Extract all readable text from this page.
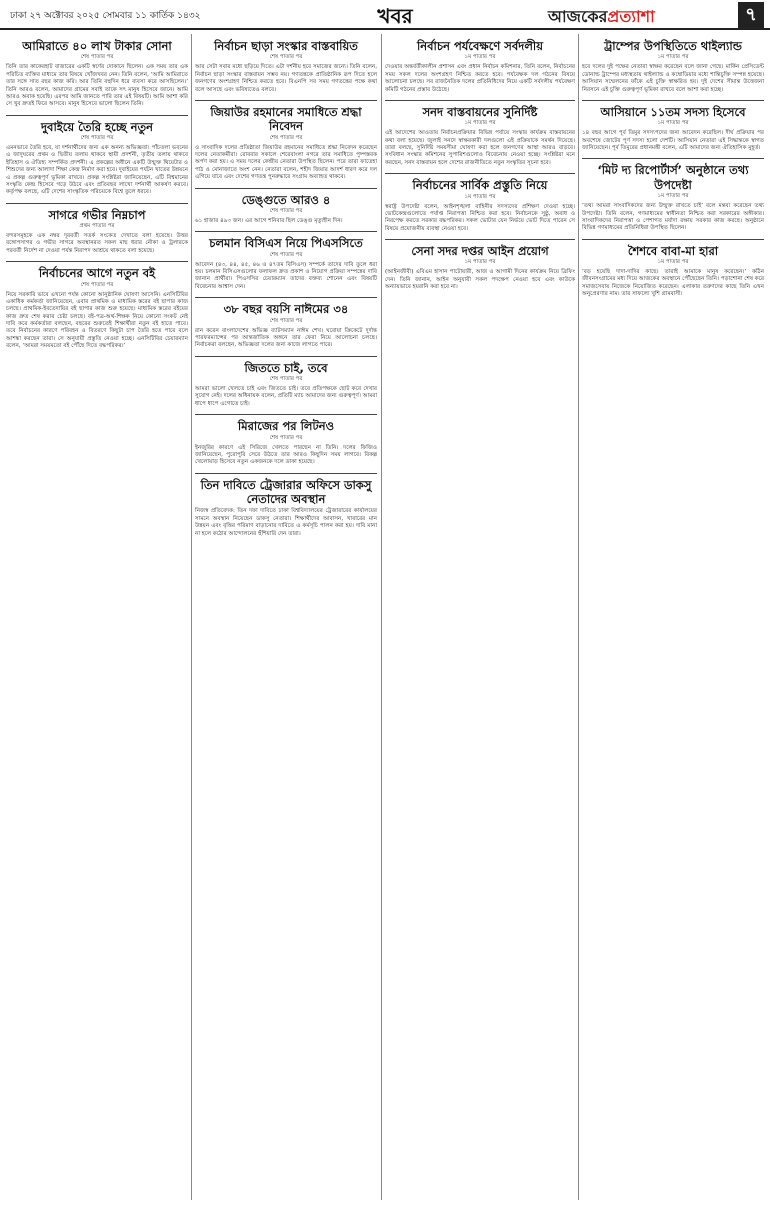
ঢাকা ২৭ অক্টোবর ২০২৫ সোমবার ১১ কার্তিক ১৪৩২	খবর	আজকেরপ্রত্যাশা	৭
আমিরাতে ৪০ লাখ টাকার সোনা
শেষ পাতার পর
তিনি তার কাকেরহাট বাজারের একটি স্বর্ণের দোকানে ছিলেন। এক সময় তার এক পরিচিত ব্যক্তির মাধ্যমে তার বিষয়ে খোঁজখবর নেন। তিনি বলেন, ‘আমি আমিরাতে তার সঙ্গে সাত বছর কাজ করি। আর তিনি বহুদিন ধরে ব্যবসা করে আসছিলেন।’ তিনি আরও বলেন, আমাদের গ্রামের সবাই তাকে সৎ মানুষ হিসেবে জানে। আমি আরও অবাক হয়েছি। এরপর আমি জানতে পারি তার এই বিষয়টি। আমি আশা করি সে খুব দ্রুতই ফিরে আসবে। মানুষ হিসেবে ভালো ছিলেন তিনি।
দুবাইয়ে তৈরি হচ্ছে নতুন
শেষ পাতার পর
এমনভাবে তৈরি হবে, যা দর্শনার্থীদের জন্য এক অনন্য অভিজ্ঞতা। পাঁচতলা ভবনের এ জাদুঘরের প্রথম ও দ্বিতীয় তলায় থাকবে স্থায়ী প্রদর্শনী, তৃতীয় তলায় থাকবে ইতিহাস ও ঐতিহ্য সম্পর্কিত প্রদর্শনী। এ প্রকল্পের অধীনে একটি উন্মুক্ত থিয়েটার ও শিশুদের জন্য আলাদা শিক্ষা কেন্দ্র নির্মাণ করা হবে। দুবাইয়ের পর্যটন খাতের উন্নয়নে এ প্রকল্প গুরুত্বপূর্ণ ভূমিকা রাখবে। প্রকল্প সংশ্লিষ্টরা জানিয়েছেন, এটি বিশ্বমানের সংস্কৃতি কেন্দ্র হিসেবে গড়ে উঠবে এবং প্রতিবছর লাখো দর্শনার্থী আকর্ষণ করবে। কর্তৃপক্ষ বলছে, এটি দেশের সাংস্কৃতিক পরিচয়কে বিশ্বে তুলে ধরবে।
সাগরে গভীর নিম্নচাপ
প্রথম পাতার পর
বন্দরসমূহকে এক নম্বর দূরবর্তী সতর্ক সংকেত দেখাতে বলা হয়েছে। উত্তর বঙ্গোপসাগর ও গভীর সাগরে অবস্থানরত সকল মাছ ধরার নৌকা ও ট্রলারকে পরবর্তী নির্দেশ না দেওয়া পর্যন্ত নিরাপদ আশ্রয়ে থাকতে বলা হয়েছে।
নির্বাচনের আগে নতুন বই
শেষ পাতার পর
নিয়ে সরকারি ভাবে এখনো পর্যন্ত কোনো আনুষ্ঠানিক ঘোষণা আসেনি। এনসিটিবির একাধিক কর্মকর্তা জানিয়েছেন, এবার প্রাথমিক ও মাধ্যমিক স্তরের বই ছাপার কাজ চলছে। প্রাথমিক-ইবতেদায়ির বই ছাপার কাজ শুরু হয়েছে। মাধ্যমিক স্তরের বইয়ের কাজ দ্রুত শেষ করার চেষ্টা চলছে। বই-পত্র-অর্থ-শিক্ষক নিয়ে কোনো সংকট নেই দাবি করে কর্মকর্তারা বলছেন, বছরের শুরুতেই শিক্ষার্থীরা নতুন বই হাতে পাবে। তবে নির্বাচনের কারণে পরিবহন ও বিতরণে কিছুটা চাপ তৈরি হতে পারে বলে আশঙ্কা করছেন তারা। সে অনুযায়ী প্রস্তুতি নেওয়া হচ্ছে। এনসিটিবির চেয়ারম্যান বলেন, ‘আমরা সময়মতো বই পৌঁছে দিতে বদ্ধপরিকর।’
নির্বাচন ছাড়া সংস্কার বাস্তবায়িত
শেষ পাতার পর
আর সেটা সবার মধ্যে ছড়িয়ে দিতে। এটা দর্শনীয় হবে সমাজের জন্যে। তিনি বলেন, নির্বাচন ছাড়া সংস্কার বাস্তবায়ন সম্ভব নয়। গণতন্ত্রকে প্রাতিষ্ঠানিক রূপ দিতে হলে জনগণের অংশগ্রহণ নিশ্চিত করতে হবে। বিএনপি সব সময় গণতন্ত্রের পক্ষে কথা বলে আসছে এবং ভবিষ্যতেও বলবে।
জিয়াউর রহমানের সমাধিতে শ্রদ্ধা নিবেদন
শেষ পাতার পর
ও সাংবাদিক দলের প্রতিষ্ঠাতা জিয়াউর রহমানের সমাধিতে শ্রদ্ধা নিবেদন করেছেন দলের নেতাকর্মীরা। রোববার সকালে শেরেবাংলা নগরে তার সমাধিতে পুষ্পস্তবক অর্পণ করা হয়। এ সময় দলের কেন্দ্রীয় নেতারা উপস্থিত ছিলেন। পরে তারা ফাতেহা পাঠ ও মোনাজাতে অংশ নেন। নেতারা বলেন, শহীদ জিয়ার আদর্শ ধারণ করে দল এগিয়ে যাবে এবং দেশের গণতন্ত্র পুনরুদ্ধারে সংগ্রাম অব্যাহত থাকবে।
ডেঙ্গুতে আরও ৪
শেষ পাতার পর
৬১ হাজার ৪৯৩ জন। এর আগে শনিবার ছিল ডেঙ্গু মৃত্যুহীন দিন।
চলমান বিসিএস নিয়ে পিএসসিতে
শেষ পাতার পর
আবেদন (৪৩, ৪৪, ৪৫, ৪৬ ও ৪৭তম বিসিএস) সম্পর্কে তাদের দাবি তুলে ধরা হয়। চলমান বিসিএসগুলোর ফলাফল দ্রুত প্রকাশ ও নিয়োগ প্রক্রিয়া সম্পন্নের দাবি জানান প্রার্থীরা। পিএসসির চেয়ারম্যান তাদের বক্তব্য শোনেন এবং বিষয়টি বিবেচনার আশ্বাস দেন।
৩৮ বছর বয়সি নাঈমের ৩৪
শেষ পাতার পর
রান করেন বাংলাদেশের অভিজ্ঞ ব্যাটসম্যান নাঈম শেখ। ঘরোয়া ক্রিকেটে দুর্দান্ত পারফরম্যান্সের পর আন্তর্জাতিক অঙ্গনে তার ফেরা নিয়ে আলোচনা চলছে। নির্বাচকরা বলছেন, অভিজ্ঞতা দলের জন্য কাজে লাগতে পারে।
জিততে চাই, তবে
শেষ পাতার পর
আমরা ভালো খেলতে চাই এবং জিততে চাই। তবে প্রতিপক্ষকে ছোট করে দেখার সুযোগ নেই। দলের অধিনায়ক বলেন, প্রতিটি ম্যাচ আমাদের জন্য গুরুত্বপূর্ণ। আমরা ধাপে ধাপে এগোতে চাই।
মিরাজের পর লিটনও
শেষ পাতার পর
ইনজুরির কারণে এই সিরিজে খেলতে পারছেন না তিনি। দলের ফিজিও জানিয়েছেন, পুরোপুরি সেরে উঠতে তার আরও কিছুদিন সময় লাগবে। বিকল্প খেলোয়াড় হিসেবে নতুন একজনকে দলে ডাকা হয়েছে।
তিন দাবিতে ট্রেজারার অফিসে ডাকসু নেতাদের অবস্থান
নিজস্ব প্রতিবেদক: তিন দফা দাবিতে ঢাকা বিশ্ববিদ্যালয়ের ট্রেজারারের কার্যালয়ের সামনে অবস্থান নিয়েছেন ডাকসু নেতারা। শিক্ষার্থীদের আবাসন, খাবারের মান উন্নয়ন এবং বৃত্তির পরিমাণ বাড়ানোর দাবিতে এ কর্মসূচি পালন করা হয়। দাবি মানা না হলে কঠোর আন্দোলনের হুঁশিয়ারি দেন তারা।
নির্বাচন পর্যবেক্ষণে সর্বদলীয়
১ম পাতার পর
দেওয়ার অন্তর্বর্তীকালীন প্রশাসন এবং প্রধান নির্বাচন কমিশনার, তিনি বলেন, নির্বাচনের সময় সকল দলের অংশগ্রহণ নিশ্চিত করতে হবে। পর্যবেক্ষক দল গঠনের বিষয়ে আলোচনা চলছে। সব রাজনৈতিক দলের প্রতিনিধিদের নিয়ে একটি সর্বদলীয় পর্যবেক্ষণ কমিটি গঠনের প্রস্তাব উঠেছে।
সনদ বাস্তবায়নের সুনির্দিষ্ট
১ম পাতার পর
এই আদেশের আওতায় নির্বাচনপ্রক্রিয়ার বিভিন্ন পর্যায়ে সংস্কার কার্যক্রম বাস্তবায়নের কথা বলা হয়েছে। জুলাই সনদে স্বাক্ষরকারী দলগুলো এই প্রক্রিয়াকে সমর্থন দিয়েছে। তারা বলছে, সুনির্দিষ্ট সময়সীমা ঘোষণা করা হলে জনগণের আস্থা আরও বাড়বে। সংবিধান সংস্কার কমিশনের সুপারিশগুলোও বিবেচনায় নেওয়া হচ্ছে। সংশ্লিষ্টরা মনে করছেন, সনদ বাস্তবায়ন হলে দেশের রাজনীতিতে নতুন সংস্কৃতির সূচনা হবে।
নির্বাচনের সার্বিক প্রস্তুতি নিয়ে
১ম পাতার পর
স্বরাষ্ট্র উপদেষ্টা বলেন, আইনশৃঙ্খলা বাহিনীর সদস্যদের প্রশিক্ষণ দেওয়া হচ্ছে। ভোটকেন্দ্রগুলোতে পর্যাপ্ত নিরাপত্তা নিশ্চিত করা হবে। নির্বাচনকে সুষ্ঠু, অবাধ ও নিরপেক্ষ করতে সরকার বদ্ধপরিকর। সকল ভোটার যেন নির্ভয়ে ভোট দিতে পারেন সে বিষয়ে প্রয়োজনীয় ব্যবস্থা নেওয়া হবে।
সেনা সদর দপ্তর আইন প্রয়োগ
১ম পাতার পর
(আইনজীবী) এবিএম হাসান পাটোয়ারী, আজ ও আগামী দিনের কার্যক্রম নিয়ে ব্রিফিং দেন। তিনি জানান, আইন অনুযায়ী সকল পদক্ষেপ নেওয়া হবে এবং কাউকে অন্যায়ভাবে হয়রানি করা হবে না।
ট্রাম্পের উপস্থিতিতে থাইল্যান্ড
১ম পাতার পর
হবে দলের দুই পক্ষের নেতারা স্বাক্ষর করেছেন বলে জানা গেছে। মার্কিন প্রেসিডেন্ট ডোনাল্ড ট্রাম্পের মধ্যস্থতায় থাইল্যান্ড ও কম্বোডিয়ার মধ্যে শান্তিচুক্তি সম্পন্ন হয়েছে। আসিয়ান সম্মেলনের ফাঁকে এই চুক্তি স্বাক্ষরিত হয়। দুই দেশের সীমান্ত উত্তেজনা নিরসনে এই চুক্তি গুরুত্বপূর্ণ ভূমিকা রাখবে বলে আশা করা হচ্ছে।
আসিয়ানে ১১তম সদস্য হিসেবে
১ম পাতার পর
১৪ বছর আগে পূর্ব তিমুর সদস্যপদের জন্য আবেদন করেছিল। দীর্ঘ প্রক্রিয়ার পর অবশেষে জোটের পূর্ণ সদস্য হলো দেশটি। আসিয়ান নেতারা এই সিদ্ধান্তকে স্বাগত জানিয়েছেন। পূর্ব তিমুরের প্রধানমন্ত্রী বলেন, এটি আমাদের জন্য ঐতিহাসিক মুহূর্ত।
‘মিট দ্য রিপোর্টার্স’ অনুষ্ঠানে তথ্য উপদেষ্টা
১ম পাতার পর
‘তথ্য আমরা সাংবাদিকদের জন্য উন্মুক্ত রাখতে চাই’ বলে মন্তব্য করেছেন তথ্য উপদেষ্টা। তিনি বলেন, গণমাধ্যমের স্বাধীনতা নিশ্চিত করা সরকারের অঙ্গীকার। সাংবাদিকদের নিরাপত্তা ও পেশাগত মর্যাদা রক্ষায় সরকার কাজ করছে। অনুষ্ঠানে বিভিন্ন গণমাধ্যমের প্রতিনিধিরা উপস্থিত ছিলেন।
শৈশবে বাবা-মা হারা
১ম পাতার পর
‘বড় হয়েছি দাদা-দাদির কাছে। তারাই আমাকে মানুষ করেছেন।’ কঠিন জীবনসংগ্রামের মধ্য দিয়ে আজকের অবস্থানে পৌঁছেছেন তিনি। পড়াশোনা শেষ করে সমাজসেবায় নিজেকে নিয়োজিত করেছেন। এলাকার তরুণদের কাছে তিনি এখন অনুপ্রেরণার নাম। তার সাফল্যে খুশি গ্রামবাসী।
